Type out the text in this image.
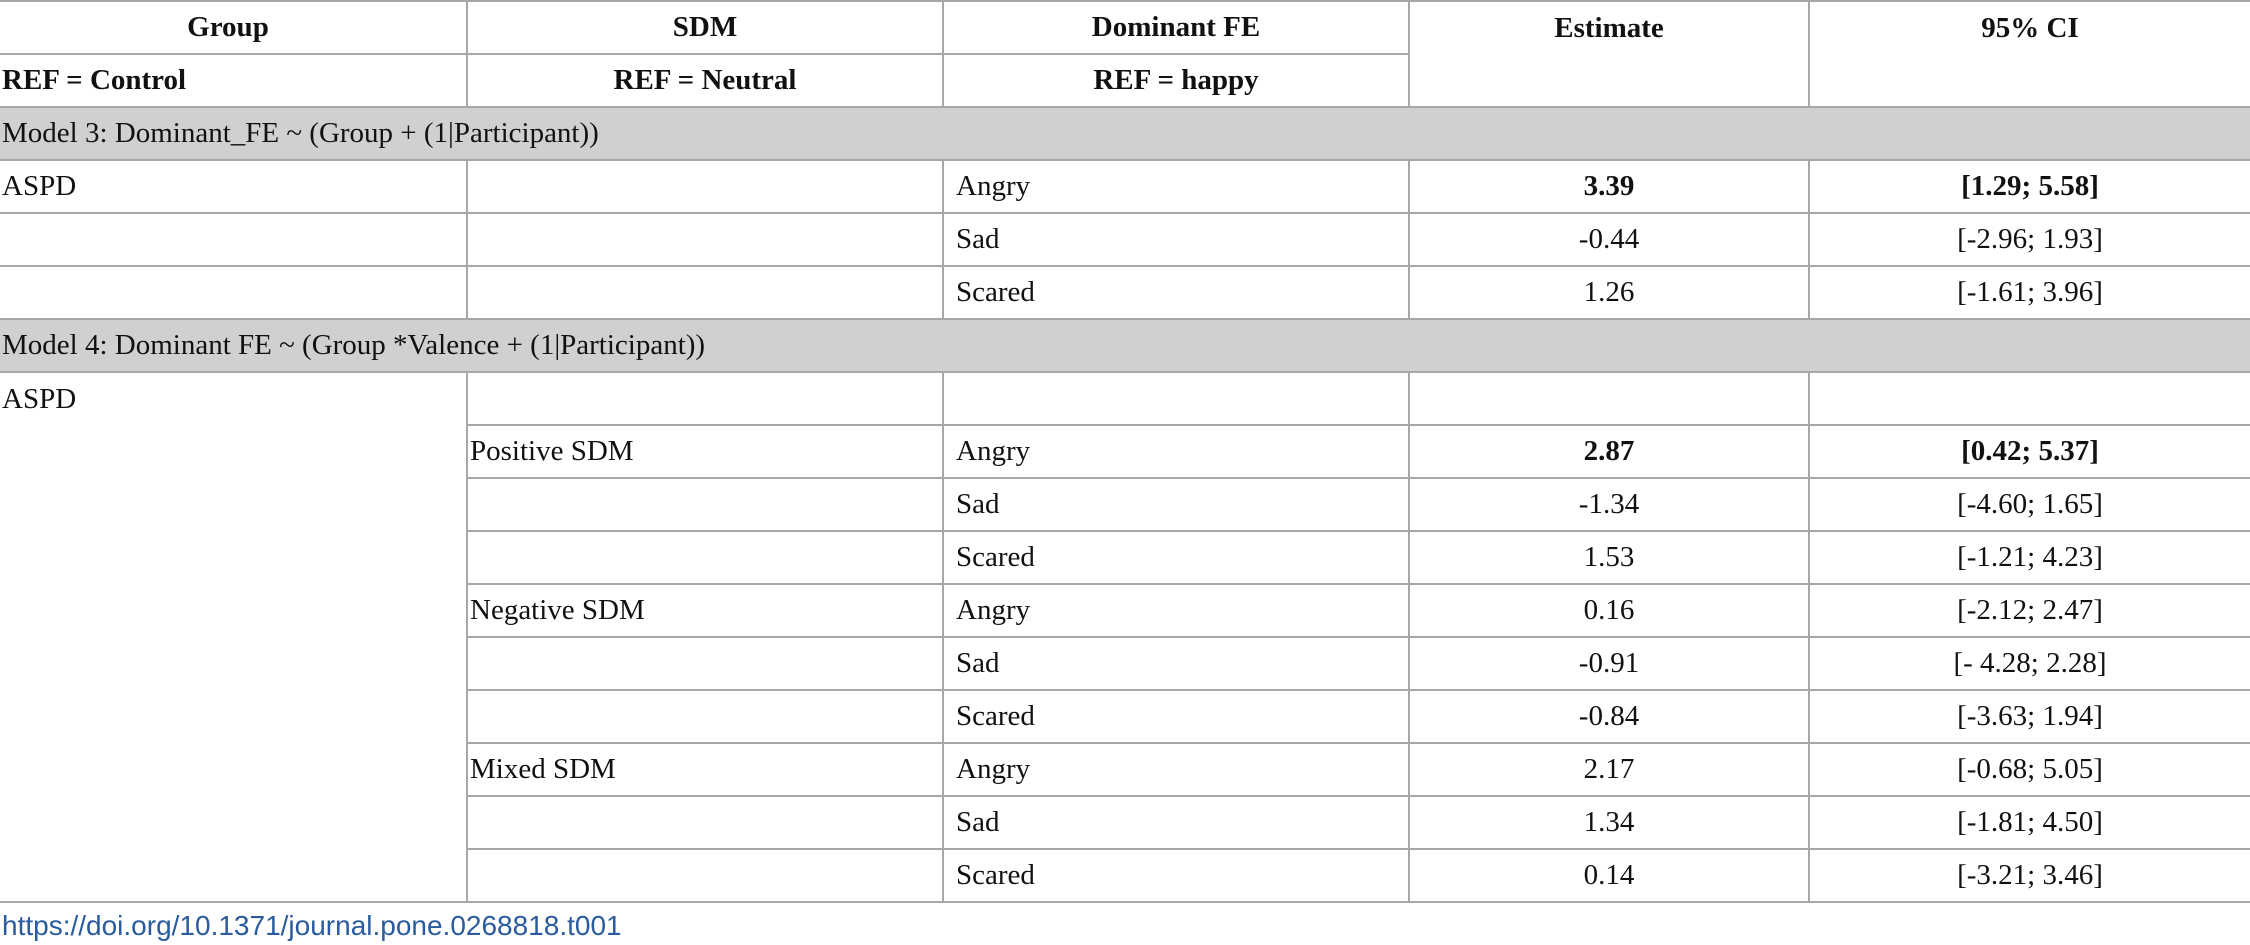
Group	SDM	Dominant FE	Estimate	95% CI
REF = Control	REF = Neutral	REF = happy		
Model 3: Dominant_FE ~ (Group + (1|Participant))				
ASPD		Angry	3.39	[1.29; 5.58]
		Sad	-0.44	[-2.96; 1.93]
		Scared	1.26	[-1.61; 3.96]
Model 4: Dominant FE ~ (Group *Valence + (1|Participant))				
ASPD				
	Positive SDM	Angry	2.87	[0.42; 5.37]
		Sad	-1.34	[-4.60; 1.65]
		Scared	1.53	[-1.21; 4.23]
	Negative SDM	Angry	0.16	[-2.12; 2.47]
		Sad	-0.91	[- 4.28; 2.28]
		Scared	-0.84	[-3.63; 1.94]
	Mixed SDM	Angry	2.17	[-0.68; 5.05]
		Sad	1.34	[-1.81; 4.50]
		Scared	0.14	[-3.21; 3.46]
https://doi.org/10.1371/journal.pone.0268818.t001
